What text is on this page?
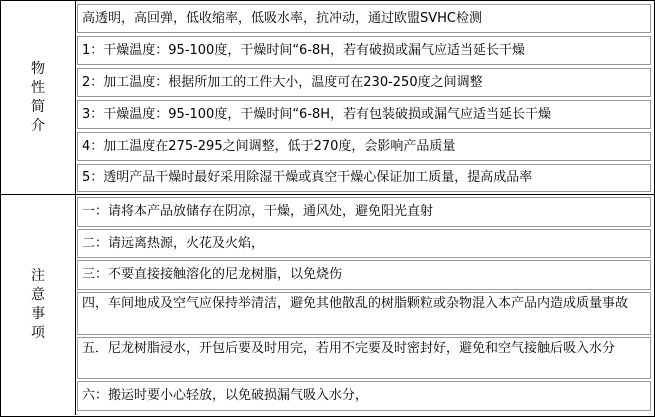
物
性
简
介
高透明，高回弹，低收缩率，低吸水率，抗冲动，通过欧盟SVHC检测
1：干燥温度：95-100度，干燥时间“6-8H，若有破损或漏气应适当延长干燥
2：加工温度：根据所加工的工件大小，温度可在230-250度之间调整
3：干燥温度：95-100度，干燥时间“6-8H，若有包装破损或漏气应适当延长干燥
4：加工温度在275-295之间调整，低于270度，会影响产品质量
5：透明产品干燥时最好采用除湿干燥或真空干燥心保证加工质量，提高成品率
注
意
事
项
一：请将本产品放储存在阴凉，干燥，通风处，避免阳光直射
二：请远离热源，火花及火焰，
三：不要直接接触溶化的尼龙树脂，以免烧伤
四，车间地成及空气应保持举清洁，避免其他散乱的树脂颗粒或杂物混入本产品内造成质量事故
五．尼龙树脂浸水，开包后要及时用完，若用不完要及时密封好，避免和空气接触后吸入水分
六：搬运时要小心轻放，以免破损漏气吸入水分，
